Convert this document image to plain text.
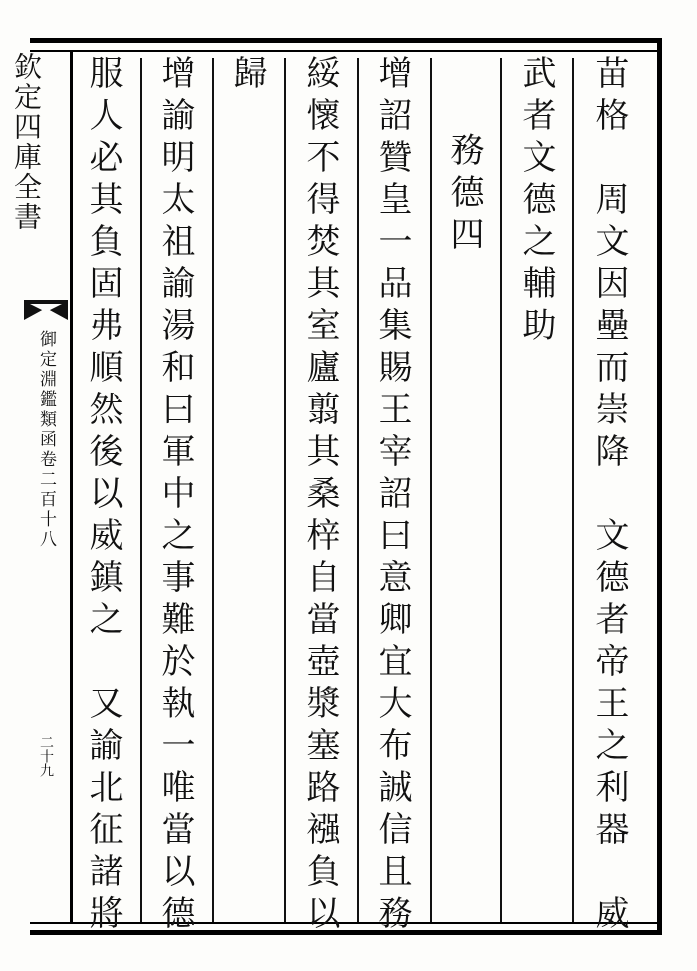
欽定四庫全書
御定淵鑑類函卷二百十八
二十九	苗格　周文因壘而崇降　文德者帝王之利器　威
武者文德之輔助
　務德四
增詔贊皇一品集賜王宰詔曰意卿宜大布誠信且務
綏懷不得焚其室廬翦其桑梓自當壺漿塞路襁負以
歸
增諭明太祖諭湯和曰軍中之事難於執一唯當以德
服人必其負固弗順然後以威鎮之　又諭北征諸將
